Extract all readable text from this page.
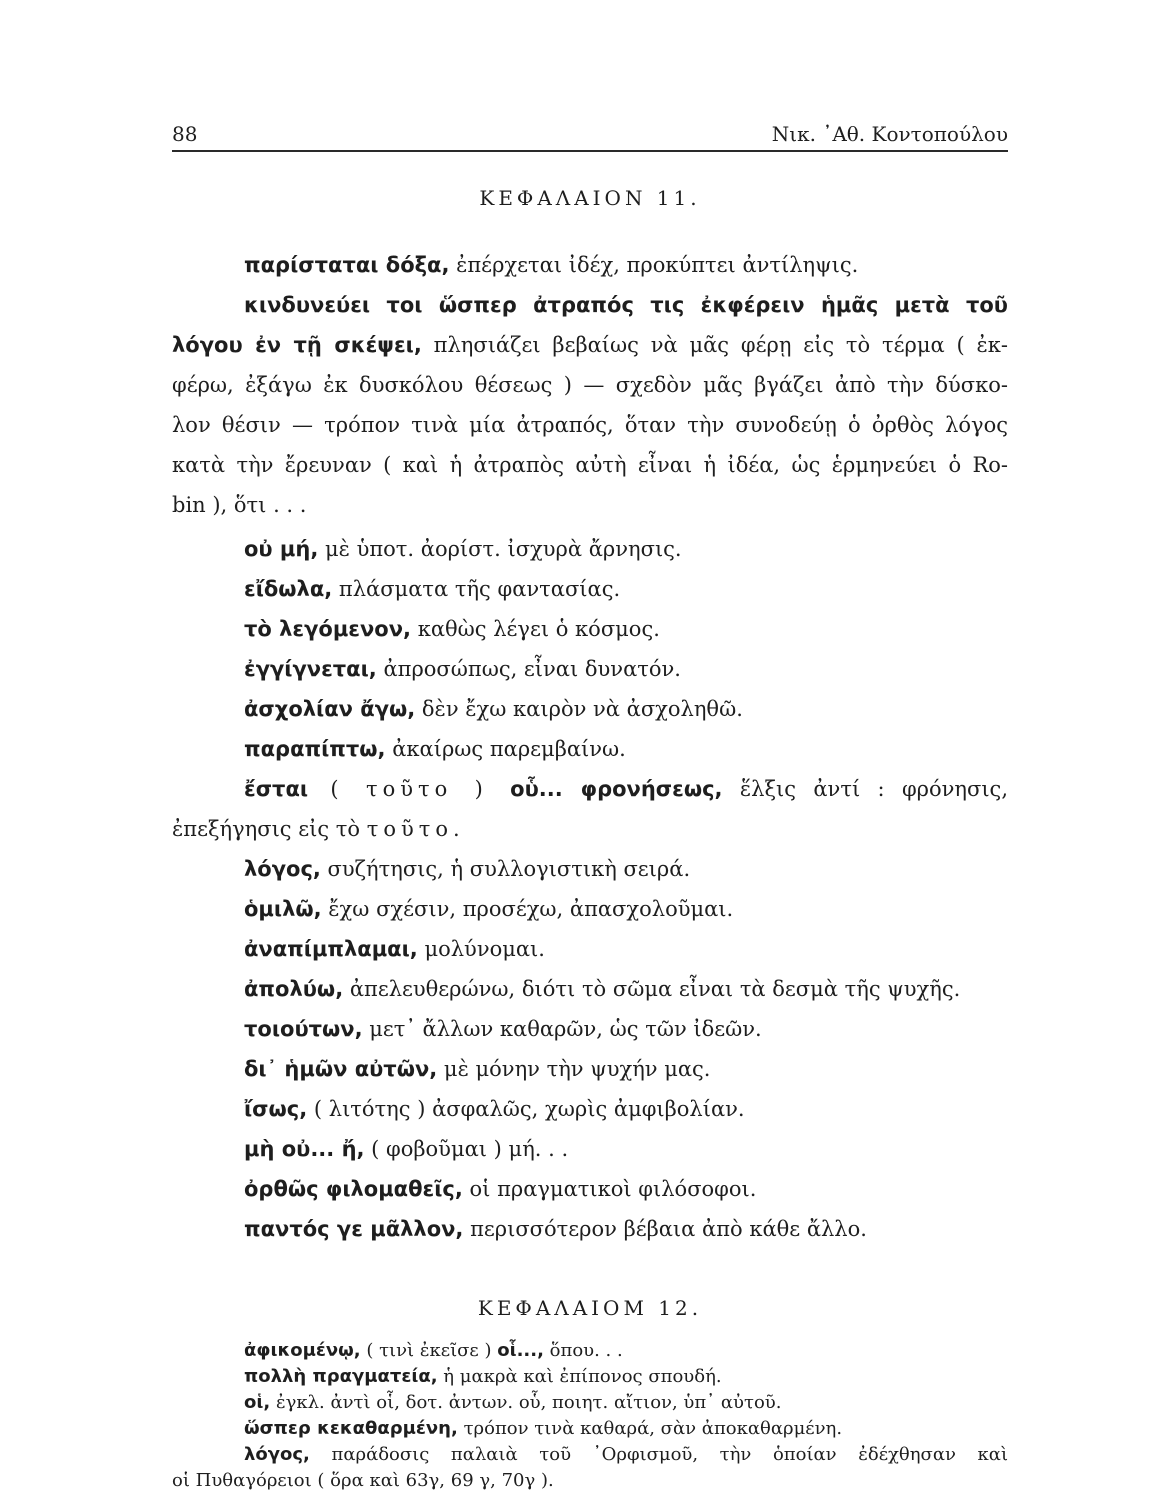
88	Νικ. ᾿Αθ. Κοντοπούλου
ΚΕΦΑΛΑΙΟΝ 11.
παρίσταται δόξα, ἐπέρχεται ἰδέχ, προκύπτει ἀντίληψις.
κινδυνεύει τοι ὥσπερ ἀτραπός τις ἐκφέρειν ἡμᾶς μετὰ τοῦ
λόγου ἐν τῇ σκέψει, πλησιάζει βεβαίως νὰ μᾶς φέρῃ εἰς τὸ τέρμα ( ἐκ-
φέρω, ἐξάγω ἐκ δυσκόλου θέσεως ) — σχεδὸν μᾶς βγάζει ἀπὸ τὴν δύσκο-
λον θέσιν — τρόπον τινὰ μία ἀτραπός, ὅταν τὴν συνοδεύῃ ὁ ὀρθὸς λόγος
κατὰ τὴν ἔρευναν ( καὶ ἡ ἀτραπὸς αὐτὴ εἶναι ἡ ἰδέα, ὡς ἑρμηνεύει ὁ Ro-
bin ), ὅτι . . .
οὐ μή, μὲ ὑποτ. ἀορίστ. ἰσχυρὰ ἄρνησις.
εἴδωλα, πλάσματα τῆς φαντασίας.
τὸ λεγόμενον, καθὼς λέγει ὁ κόσμος.
ἐγγίγνεται, ἀπροσώπως, εἶναι δυνατόν.
ἀσχολίαν ἄγω, δὲν ἔχω καιρὸν νὰ ἀσχοληθῶ.
παραπίπτω, ἀκαίρως παρεμβαίνω.
ἔσται ( τοῦτο ) οὗ... φρονήσεως, ἕλξις ἀντί : φρόνησις,
ἐπεξήγησις εἰς τὸ τοῦτο.
λόγος, συζήτησις, ἡ συλλογιστικὴ σειρά.
ὁμιλῶ, ἔχω σχέσιν, προσέχω, ἀπασχολοῦμαι.
ἀναπίμπλαμαι, μολύνομαι.
ἀπολύω, ἀπελευθερώνω, διότι τὸ σῶμα εἶναι τὰ δεσμὰ τῆς ψυχῆς.
τοιούτων, μετ᾿ ἄλλων καθαρῶν, ὡς τῶν ἰδεῶν.
δι᾿ ἡμῶν αὐτῶν, μὲ μόνην τὴν ψυχήν μας.
ἴσως, ( λιτότης ) ἀσφαλῶς, χωρὶς ἀμφιβολίαν.
μὴ οὐ... ἤ, ( φοβοῦμαι ) μή. . .
ὀρθῶς φιλομαθεῖς, οἱ πραγματικοὶ φιλόσοφοι.
παντός γε μᾶλλον, περισσότερον βέβαια ἀπὸ κάθε ἄλλο.
ΚΕΦΑΛΑΙΟΜ 12.
ἀφικομένῳ, ( τινὶ ἐκεῖσε ) οἷ..., ὅπου. . .
πολλὴ πραγματεία, ἡ μακρὰ καὶ ἐπίπονος σπουδή.
οἱ, ἐγκλ. ἀντὶ οἷ, δοτ. ἀντων. οὗ, ποιητ. αἴτιον, ὑπ᾿ αὐτοῦ.
ὥσπερ κεκαθαρμένη, τρόπον τινὰ καθαρά, σὰν ἀποκαθαρμένη.
λόγος, παράδοσις παλαιὰ τοῦ ᾿Ορφισμοῦ, τὴν ὁποίαν ἐδέχθησαν καὶ
οἱ Πυθαγόρειοι ( ὅρα καὶ 63γ, 69 γ, 70γ ).
